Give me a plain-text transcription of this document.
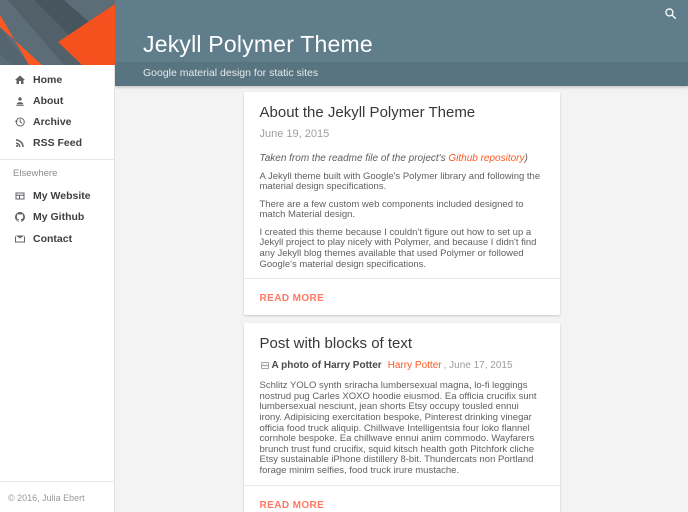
Home
About
Archive
RSS Feed
Elsewhere
My Website
My Github
Contact
© 2016, Julia Ebert
Jekyll Polymer Theme
Google material design for static sites
About the Jekyll Polymer Theme
June 19, 2015
Taken from the readme file of the project's Github repository)

A Jekyll theme built with Google's Polymer library and following the material design specifications.

There are a few custom web components included designed to match Material design.

I created this theme because I couldn't figure out how to set up a Jekyll project to play nicely with Polymer, and because I didn't find any Jekyll blog themes available that used Polymer or followed Google's material design specifications.

READ MORE
Post with blocks of text
A photo of Harry Potter Harry Potter , June 17, 2015

Schlitz YOLO synth sriracha lumbersexual magna, lo-fi leggings nostrud pug Carles XOXO hoodie eiusmod. Ea officia crucifix sunt lumbersexual nesciunt, jean shorts Etsy occupy tousled ennui irony. Adipisicing exercitation bespoke, Pinterest drinking vinegar officia food truck aliquip. Chillwave Intelligentsia four loko flannel cornhole bespoke. Ea chillwave ennui anim commodo. Wayfarers brunch trust fund crucifix, squid kitsch health goth Pitchfork cliche Etsy sustainable iPhone distillery 8-bit. Thundercats non Portland forage minim selfies, food truck irure mustache.

READ MORE
